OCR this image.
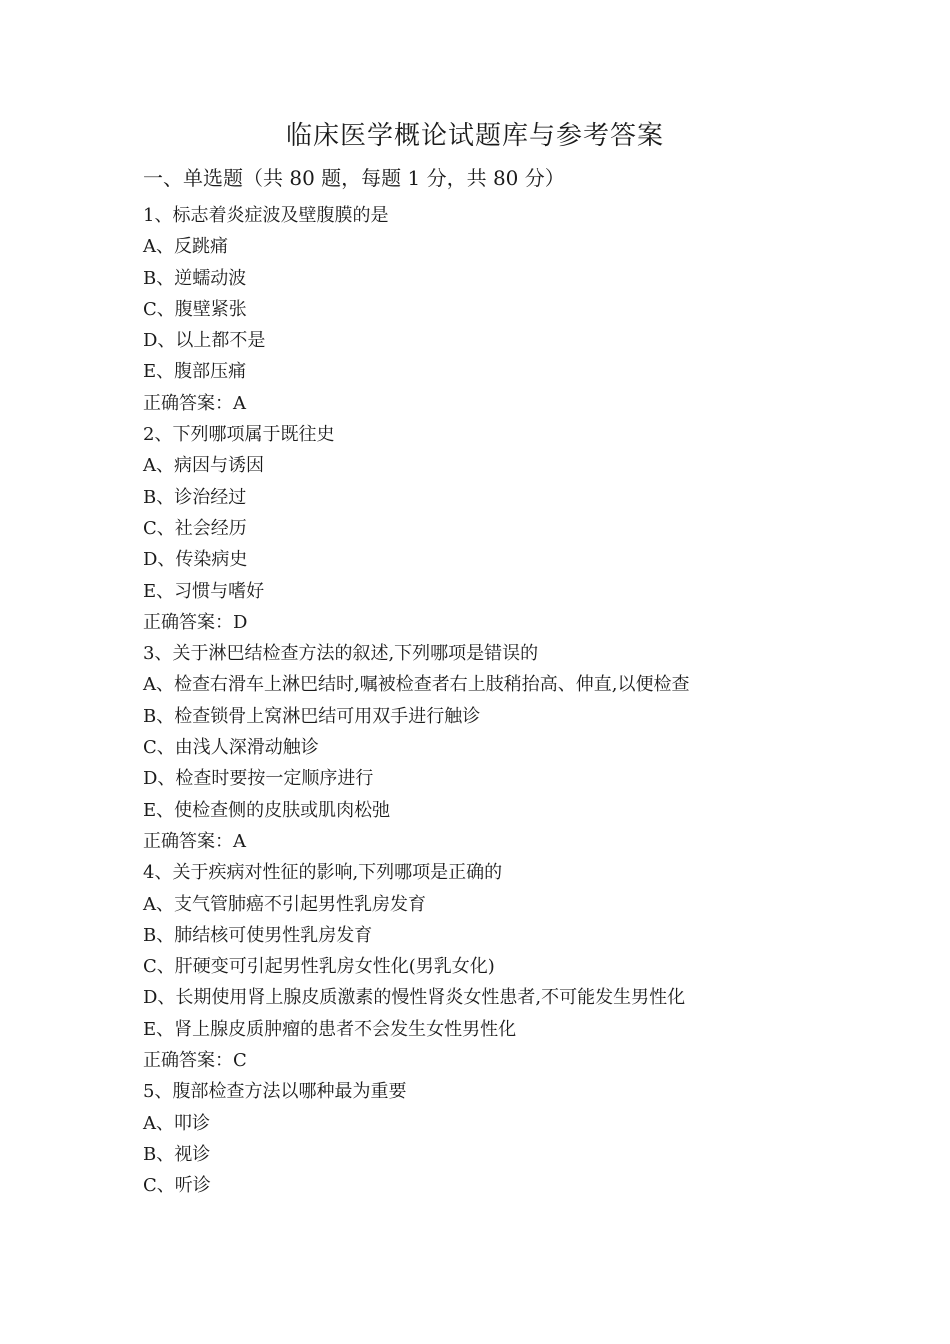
临床医学概论试题库与参考答案
一、单选题（共 80 题，每题 1 分，共 80 分）
1、标志着炎症波及壁腹膜的是
A、反跳痛
B、逆蠕动波
C、腹壁紧张
D、以上都不是
E、腹部压痛
正确答案：A
2、下列哪项属于既往史
A、病因与诱因
B、诊治经过
C、社会经历
D、传染病史
E、习惯与嗜好
正确答案：D
3、关于淋巴结检查方法的叙述,下列哪项是错误的
A、检查右滑车上淋巴结时,嘱被检查者右上肢稍抬高、伸直,以便检查
B、检查锁骨上窝淋巴结可用双手进行触诊
C、由浅人深滑动触诊
D、检查时要按一定顺序进行
E、使检查侧的皮肤或肌肉松弛
正确答案：A
4、关于疾病对性征的影响,下列哪项是正确的
A、支气管肺癌不引起男性乳房发育
B、肺结核可使男性乳房发育
C、肝硬变可引起男性乳房女性化(男乳女化)
D、长期使用肾上腺皮质激素的慢性肾炎女性患者,不可能发生男性化
E、肾上腺皮质肿瘤的患者不会发生女性男性化
正确答案：C
5、腹部检查方法以哪种最为重要
A、叩诊
B、视诊
C、听诊
